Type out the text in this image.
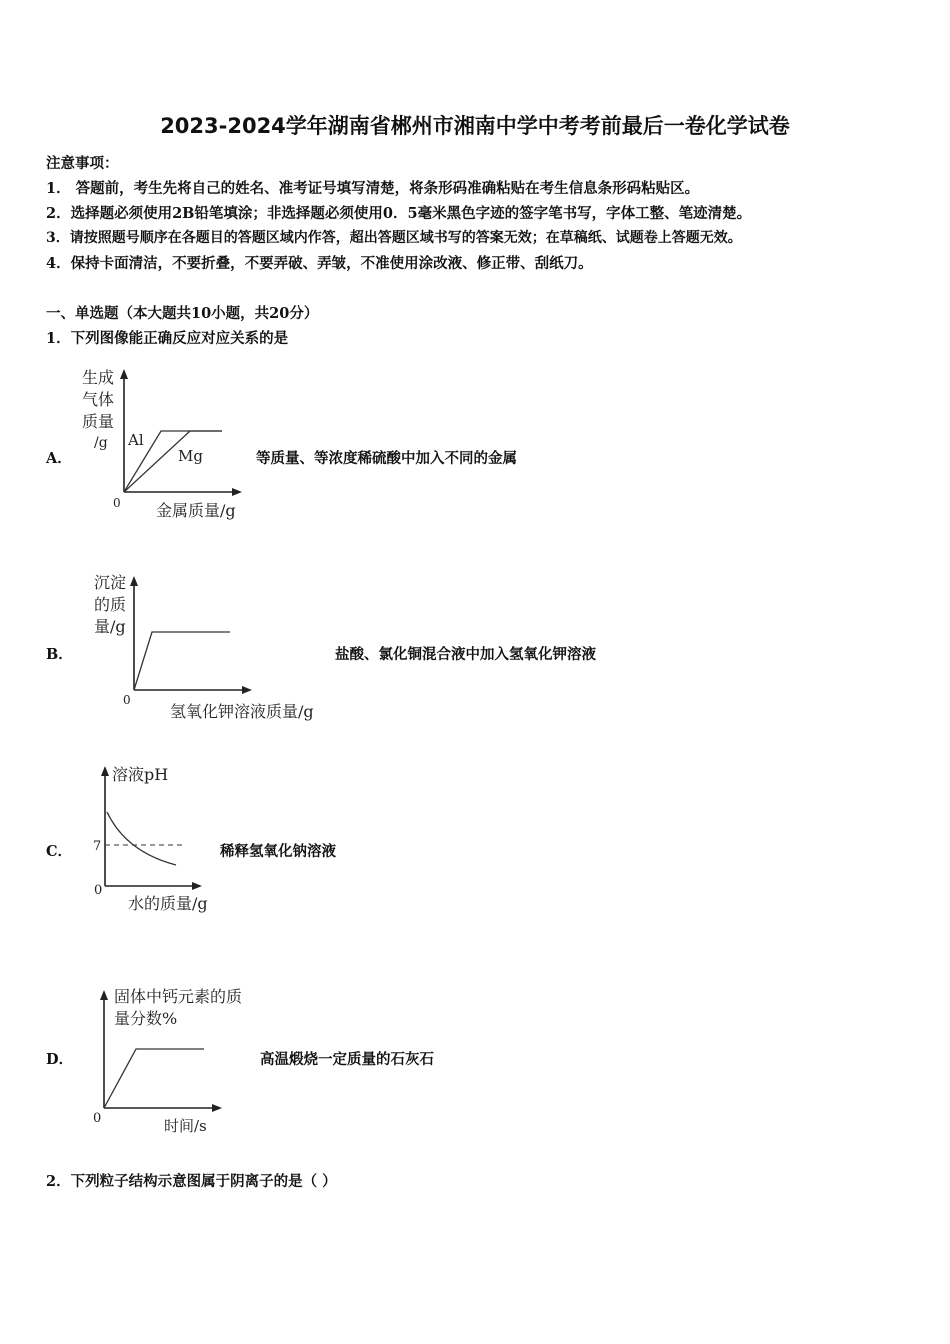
2023-2024学年湖南省郴州市湘南中学中考考前最后一卷化学试卷
注意事项：
1． 答题前，考生先将自己的姓名、准考证号填写清楚，将条形码准确粘贴在考生信息条形码粘贴区。
2．选择题必须使用2B铅笔填涂；非选择题必须使用0．5毫米黑色字迹的签字笔书写，字体工整、笔迹清楚。
3．请按照题号顺序在各题目的答题区域内作答，超出答题区域书写的答案无效；在草稿纸、试题卷上答题无效。
4．保持卡面清洁，不要折叠，不要弄破、弄皱，不准使用涂改液、修正带、刮纸刀。
一、单选题（本大题共10小题，共20分）
1．下列图像能正确反应对应关系的是
A．
生成
气体
质量
/g Al
Mg
0 金属质量/g
等质量、等浓度稀硫酸中加入不同的金属
B．
沉淀
的质
量/g
0
氢氧化钾溶液质量/g
盐酸、氯化铜混合液中加入氢氧化钾溶液
C．
溶液pH
7
0
水的质量/g
稀释氢氧化钠溶液
D．
固体中钙元素的质
量分数%
0	时间/s
高温煅烧一定质量的石灰石
2．下列粒子结构示意图属于阴离子的是（ ）
